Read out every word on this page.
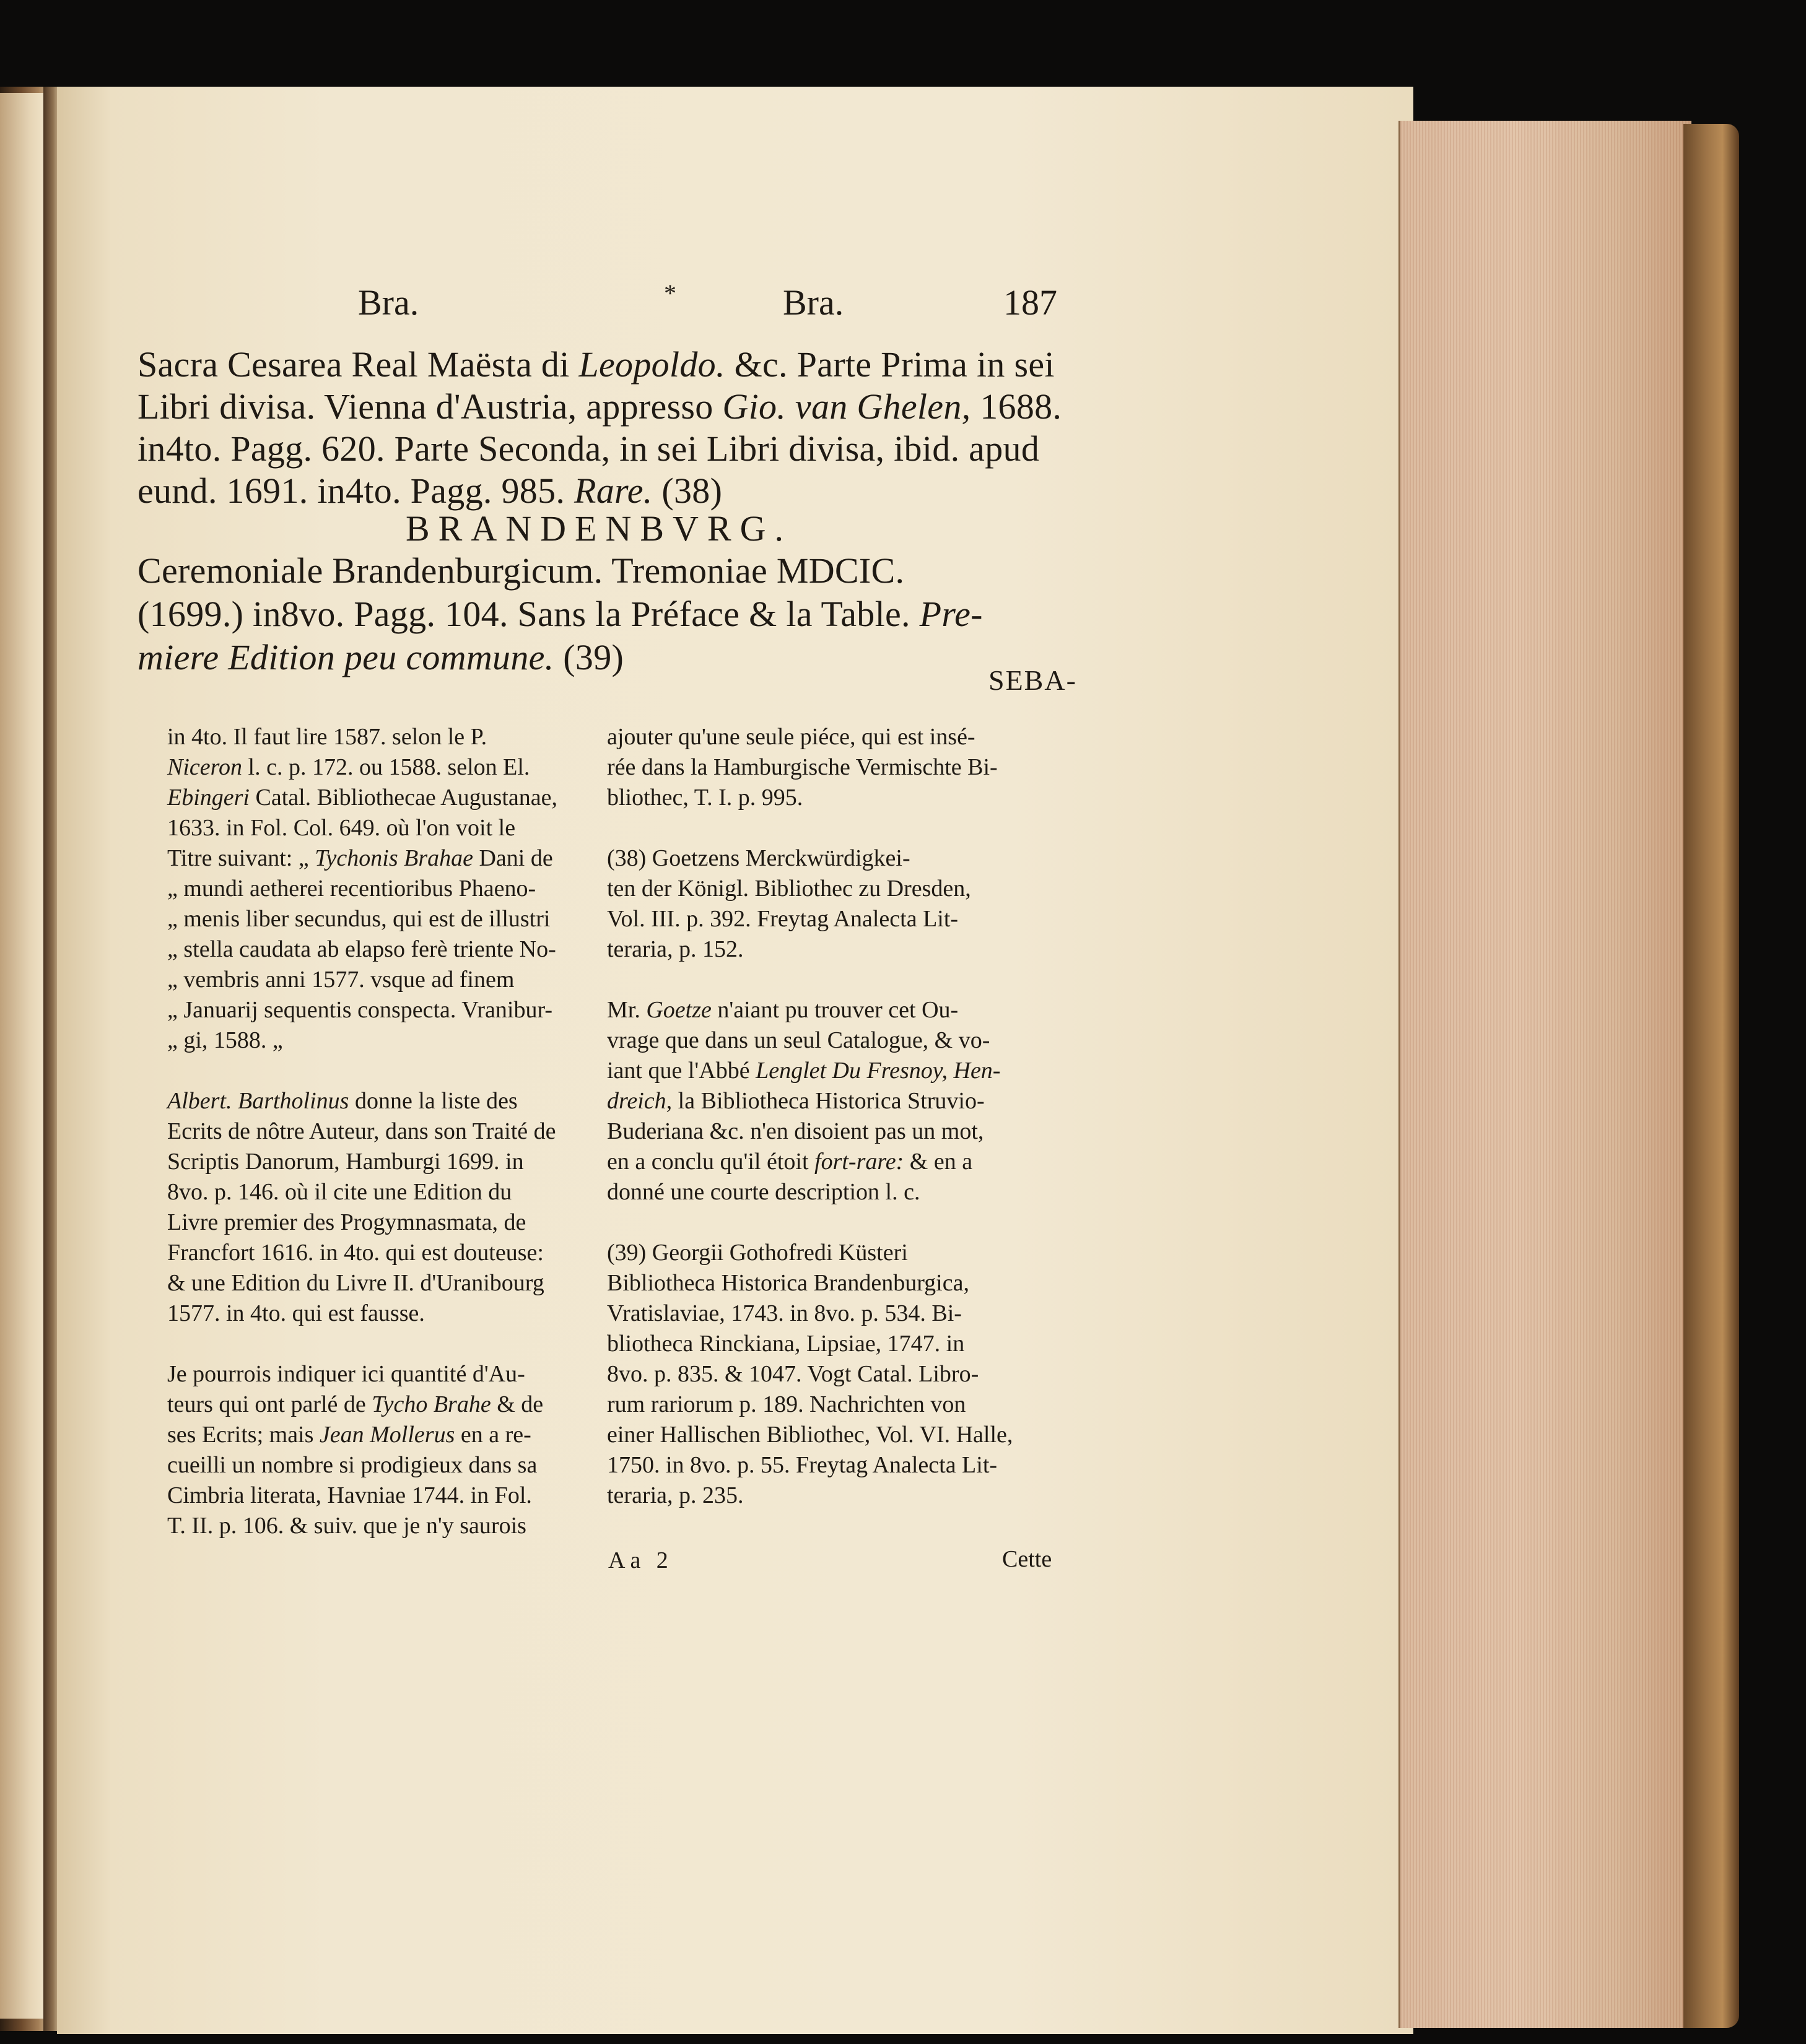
Bra.	*	Bra.	187
Sacra Cesarea Real Maësta di Leopoldo. &c. Parte Prima in sei
Libri divisa. Vienna d'Austria, appresso Gio. van Ghelen, 1688.
in4to. Pagg. 620. Parte Seconda, in sei Libri divisa, ibid. apud
eund. 1691. in4to. Pagg. 985. Rare. (38)
BRANDENBVRG.
Ceremoniale Brandenburgicum. Tremoniae MDCIC.
(1699.) in8vo. Pagg. 104. Sans la Préface & la Table. Pre-
miere Edition peu commune. (39)
SEBA-
in 4to. Il faut lire 1587. selon le P.
Niceron l. c. p. 172. ou 1588. selon El.
Ebingeri Catal. Bibliothecae Augustanae,
1633. in Fol. Col. 649. où l'on voit le
Titre suivant: „ Tychonis Brahae Dani de
„ mundi aetherei recentioribus Phaeno-
„ menis liber secundus, qui est de illustri
„ stella caudata ab elapso ferè triente No-
„ vembris anni 1577. vsque ad finem
„ Januarij sequentis conspecta. Vranibur-
„ gi, 1588. „
Albert. Bartholinus donne la liste des
Ecrits de nôtre Auteur, dans son Traité de
Scriptis Danorum, Hamburgi 1699. in
8vo. p. 146. où il cite une Edition du
Livre premier des Progymnasmata, de
Francfort 1616. in 4to. qui est douteuse:
& une Edition du Livre II. d'Uranibourg
1577. in 4to. qui est fausse.
Je pourrois indiquer ici quantité d'Au-
teurs qui ont parlé de Tycho Brahe & de
ses Ecrits; mais Jean Mollerus en a re-
cueilli un nombre si prodigieux dans sa
Cimbria literata, Havniae 1744. in Fol.
T. II. p. 106. & suiv. que je n'y saurois
ajouter qu'une seule piéce, qui est insé-
rée dans la Hamburgische Vermischte Bi-
bliothec, T. I. p. 995.
(38) Goetzens Merckwürdigkei-
ten der Königl. Bibliothec zu Dresden,
Vol. III. p. 392. Freytag Analecta Lit-
teraria, p. 152.
Mr. Goetze n'aiant pu trouver cet Ou-
vrage que dans un seul Catalogue, & vo-
iant que l'Abbé Lenglet Du Fresnoy, Hen-
dreich, la Bibliotheca Historica Struvio-
Buderiana &c. n'en disoient pas un mot,
en a conclu qu'il étoit fort-rare: & en a
donné une courte description l. c.
(39) Georgii Gothofredi Küsteri
Bibliotheca Historica Brandenburgica,
Vratislaviae, 1743. in 8vo. p. 534. Bi-
bliotheca Rinckiana, Lipsiae, 1747. in
8vo. p. 835. & 1047. Vogt Catal. Libro-
rum rariorum p. 189. Nachrichten von
einer Hallischen Bibliothec, Vol. VI. Halle,
1750. in 8vo. p. 55. Freytag Analecta Lit-
teraria, p. 235.
Aa 2	Cette
